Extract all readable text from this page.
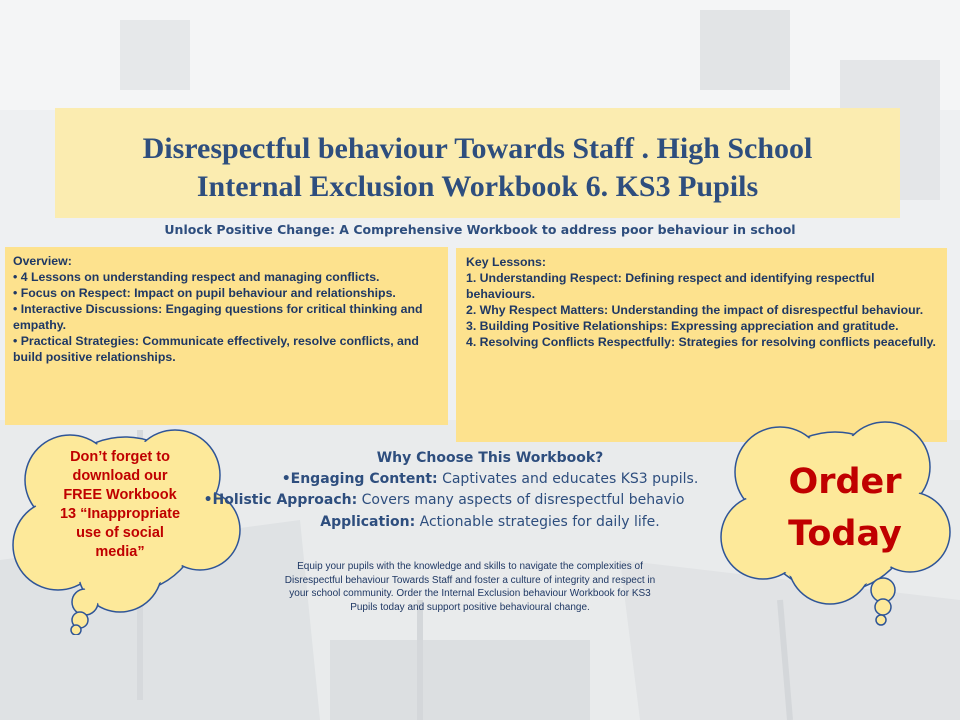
Disrespectful behaviour Towards Staff . High School
Internal Exclusion Workbook 6. KS3 Pupils
Unlock Positive Change: A Comprehensive Workbook to address poor behaviour in school
Overview:
• 4 Lessons on understanding respect and managing conflicts.
• Focus on Respect: Impact on pupil behaviour and relationships.
• Interactive Discussions: Engaging questions for critical thinking and empathy.
• Practical Strategies: Communicate effectively, resolve conflicts, and build positive relationships.
Key Lessons:
1. Understanding Respect: Defining respect and identifying respectful behaviours.
2. Why Respect Matters: Understanding the impact of disrespectful behaviour.
3. Building Positive Relationships: Expressing appreciation and gratitude.
4. Resolving Conflicts Respectfully: Strategies for resolving conflicts peacefully.
Don’t forget to
download our
FREE Workbook
13 “Inappropriate
use of social
media”
Order
Today
Why Choose This Workbook?
•Engaging Content: Captivates and educates KS3 pupils.
•Holistic Approach: Covers many aspects of disrespectful behavio
Application: Actionable strategies for daily life.
Equip your pupils with the knowledge and skills to navigate the complexities of
Disrespectful behaviour Towards Staff and foster a culture of integrity and respect in
your school community. Order the Internal Exclusion behaviour Workbook for KS3
Pupils today and support positive behavioural change.
